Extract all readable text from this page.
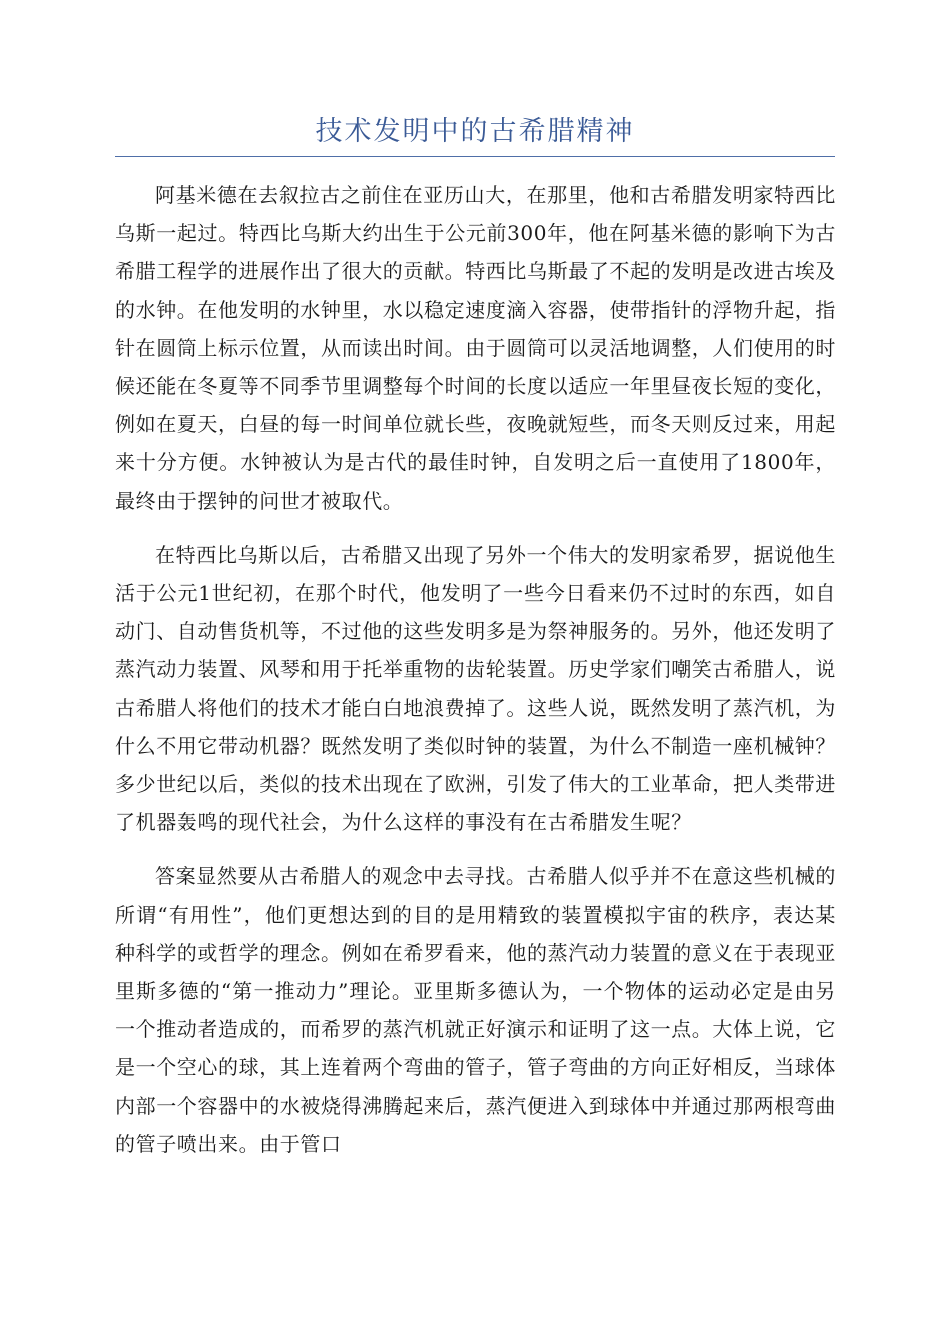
技术发明中的古希腊精神

阿基米德在去叙拉古之前住在亚历山大，在那里，他和古希腊发明家特西比乌斯一起过。特西比乌斯大约出生于公元前300年，他在阿基米德的影响下为古希腊工程学的进展作出了很大的贡献。特西比乌斯最了不起的发明是改进古埃及的水钟。在他发明的水钟里，水以稳定速度滴入容器，使带指针的浮物升起，指针在圆筒上标示位置，从而读出时间。由于圆筒可以灵活地调整，人们使用的时候还能在冬夏等不同季节里调整每个时间的长度以适应一年里昼夜长短的变化，例如在夏天，白昼的每一时间单位就长些，夜晚就短些，而冬天则反过来，用起来十分方便。水钟被认为是古代的最佳时钟，自发明之后一直使用了1800年，最终由于摆钟的问世才被取代。

在特西比乌斯以后，古希腊又出现了另外一个伟大的发明家希罗，据说他生活于公元1世纪初，在那个时代，他发明了一些今日看来仍不过时的东西，如自动门、自动售货机等，不过他的这些发明多是为祭神服务的。另外，他还发明了蒸汽动力装置、风琴和用于托举重物的齿轮装置。历史学家们嘲笑古希腊人，说古希腊人将他们的技术才能白白地浪费掉了。这些人说，既然发明了蒸汽机，为什么不用它带动机器？既然发明了类似时钟的装置，为什么不制造一座机械钟？多少世纪以后，类似的技术出现在了欧洲，引发了伟大的工业革命，把人类带进了机器轰鸣的现代社会，为什么这样的事没有在古希腊发生呢？

答案显然要从古希腊人的观念中去寻找。古希腊人似乎并不在意这些机械的所谓“有用性”，他们更想达到的目的是用精致的装置模拟宇宙的秩序，表达某种科学的或哲学的理念。例如在希罗看来，他的蒸汽动力装置的意义在于表现亚里斯多德的“第一推动力”理论。亚里斯多德认为，一个物体的运动必定是由另一个推动者造成的，而希罗的蒸汽机就正好演示和证明了这一点。大体上说，它是一个空心的球，其上连着两个弯曲的管子，管子弯曲的方向正好相反，当球体内部一个容器中的水被烧得沸腾起来后，蒸汽便进入到球体中并通过那两根弯曲的管子喷出来。由于管口
